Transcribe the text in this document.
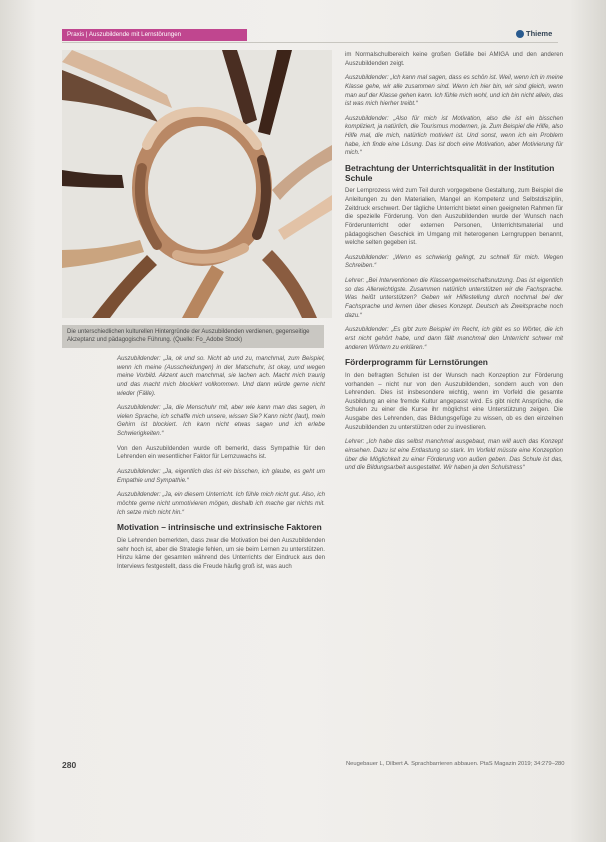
Praxis | Auszubildende mit Lernstörungen	Thieme
Die unterschiedlichen kulturellen Hintergründe der Auszubildenden verdienen, gegenseitige Akzeptanz und pädagogische Führung. (Quelle: Fo_Adobe Stock)

Auszubildender: „Ja, ok und so. Nicht ab und zu, manchmal, zum Beispiel, wenn ich meine (Ausscheidungen) in der Matschuhr, ist okay, und wegen meine Vorbild. Akzent auch manchmal, sie lachen ach. Macht mich traurig und das macht mich blockiert vollkommen. Und dann würde gerne nicht wieder (Fälle).

Auszubildender: „Ja, die Menschuhr mit, aber wie kann man das sagen, in vielen Sprache, ich schaffe mich unsere, wissen Sie? Kann nicht (laut), mein Gehirn ist blockiert. Ich kann nicht etwas sagen und ich erlebe Schwierigkeiten.“

Von den Auszubildenden wurde oft bemerkt, dass Sympathie für den Lehrenden ein wesentlicher Faktor für Lernzuwachs ist.

Auszubildender: „Ja, eigentlich das ist ein bisschen, ich glaube, es geht um Empathie und Sympathie.“

Auszubildender: „Ja, ein diesem Unterricht. Ich fühle mich nicht gut. Also, ich möchte gerne nicht unmotivieren mögen, deshalb ich mache gar nichts mit. Ich setze mich nicht hin.“

Motivation – intrinsische und extrinsische Faktoren

Die Lehrenden bemerkten, dass zwar die Motivation bei den Auszubildenden sehr hoch ist, aber die Strategie fehlen, um sie beim Lernen zu unterstützen. Hinzu käme der gesamten während des Unterrichts der Eindruck aus den Interviews festgestellt, dass die Freude häufig groß ist, was auch

im Normalschulbereich keine großen Gefälle bei AMIGA und den anderen Auszubildenden zeigt.

Auszubildender: „Ich kann mal sagen, dass es schön ist. Weil, wenn ich in meine Klasse gehe, wir alle zusammen sind. Wenn ich hier bin, wir sind gleich, wenn man auf der Klasse gehen kann. Ich fühle mich wohl, und ich bin nicht allein, das ist was mich hierher treibt.“

Auszubildender: „Also für mich ist Motivation, also die ist ein bisschen kompliziert, ja natürlich, die Tourismus modernen, ja. Zum Beispiel die Hilfe, also Hilfe mal, die mich, natürlich motiviert ist. Und sonst, wenn ich ein Problem habe, ich finde eine Lösung. Das ist doch eine Motivation, aber Motivierung für mich.“

Betrachtung der Unterrichtsqualität in der Institution Schule

Der Lernprozess wird zum Teil durch vorgegebene Gestaltung, zum Beispiel die Anleitungen zu den Materialien, Mangel an Kompetenz und Selbstdisziplin, Zeitdruck erschwert. Der tägliche Unterricht bietet einen geeigneten Rahmen für die spezielle Förderung. Von den Auszubildenden wurde der Wunsch nach Förderunterricht oder externen Personen, Unterrichtsmaterial und pädagogischen Geschick im Umgang mit heterogenen Lerngruppen benannt, welche selten gegeben ist.

Auszubildender: „Wenn es schwierig gelingt, zu schnell für mich. Wegen Schreiben.“

Lehrer: „Bei Interventionen die Klassengemeinschaftsnutzung. Das ist eigentlich so das Allerwichtigste. Zusammen natürlich unterstützen wir die Fachsprache. Was heißt unterstützen? Geben wir Hilfestellung durch nochmal bei der Fachsprache und lernen über dieses Konzept. Deutsch als Zweitsprache noch dazu.“

Auszubildender: „Es gibt zum Beispiel im Recht, ich gibt es so Wörter, die ich erst nicht gehört habe, und dann fällt manchmal den Unterricht schwer mit anderen Wörtern zu erklären.“

Förderprogramm für Lernstörungen

In den befragten Schulen ist der Wunsch nach Konzeption zur Förderung vorhanden – nicht nur von den Auszubildenden, sondern auch von den Lehrenden. Dies ist insbesondere wichtig, wenn im Vorfeld die gesamte Ausbildung an eine fremde Kultur angepasst wird. Es gibt nicht Ansprüche, die Schulen zu einer die Kurse ihr möglichst eine Unterstützung zeigen. Die Ausgabe des Lehrenden, das Bildungsgefüge zu wissen, ob es den einzelnen Auszubildenden zu unterstützen oder zu investieren.

Lehrer: „Ich habe das selbst manchmal ausgebaut, man will auch das Konzept einsehen. Dazu ist eine Entlastung so stark. Im Vorfeld müsste eine Konzeption über die Möglichkeit zu einer Förderung von außen geben. Das Schule ist das, und die Bildungsarbeit ausgestaltet. Wir haben ja den Schulstress“

280	Neugebauer L, Dilbert A. Sprachbarrieren abbauen. PtaS Magazin 2019; 34:279–280
